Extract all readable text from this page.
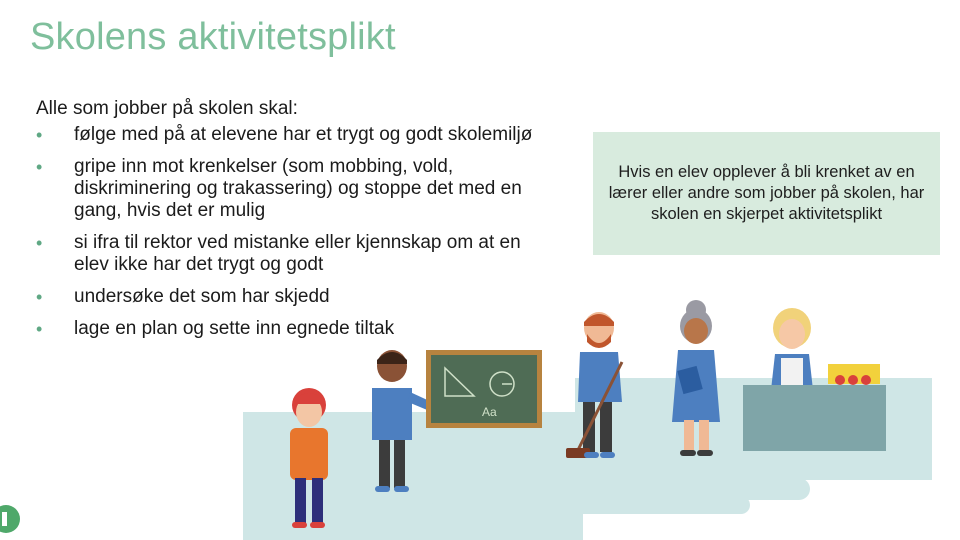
Skolens aktivitetsplikt
Alle som jobber på skolen skal:
• følge med på at elevene har et trygt og godt skolemiljø
• gripe inn mot krenkelser (som mobbing, vold, diskriminering og trakassering) og stoppe det med en gang, hvis det er mulig
• si ifra til rektor ved mistanke eller kjennskap om at en elev ikke har det trygt og godt
• undersøke det som har skjedd
• lage en plan og sette inn egnede tiltak
Hvis en elev opplever å bli krenket av en lærer eller andre som jobber på skolen, har skolen en skjerpet aktivitetsplikt
Aa
